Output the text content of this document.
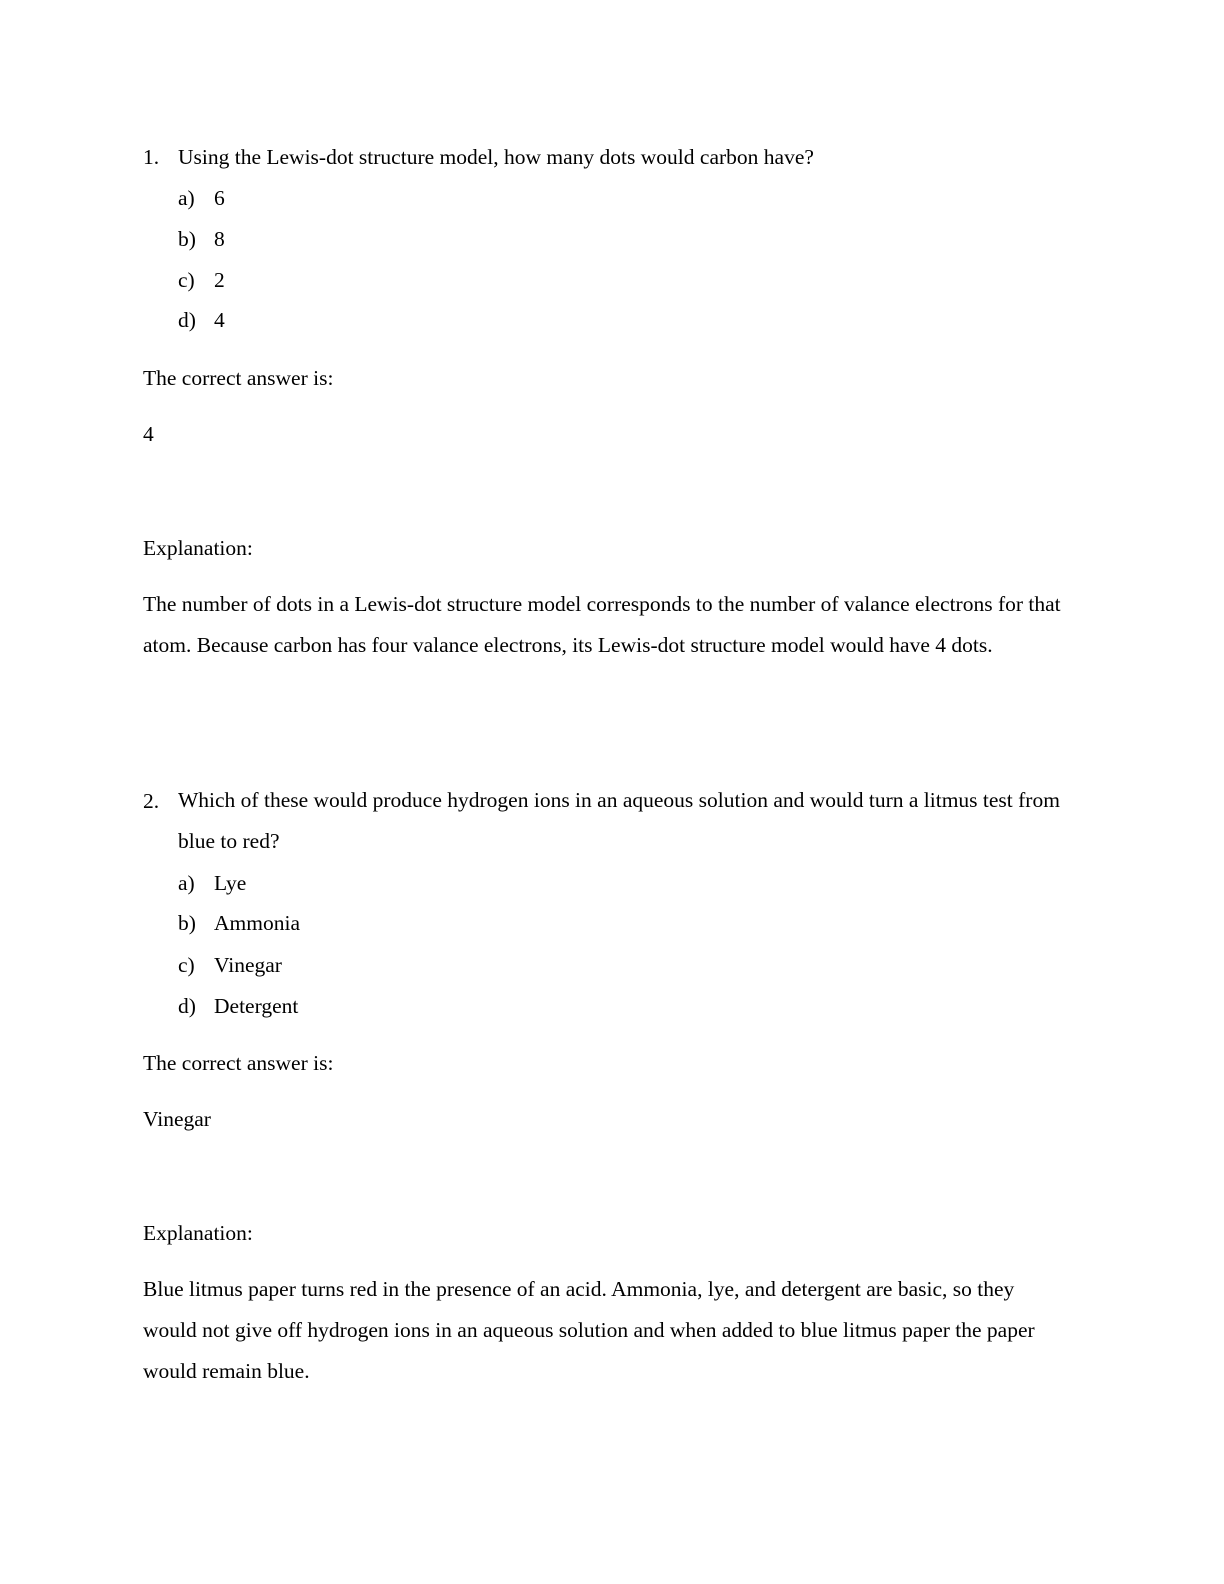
1. Using the Lewis-dot structure model, how many dots would carbon have?
a) 6
b) 8
c) 2
d) 4
The correct answer is:
4
Explanation:
The number of dots in a Lewis-dot structure model corresponds to the number of valance electrons for that atom. Because carbon has four valance electrons, its Lewis-dot structure model would have 4 dots.
2. Which of these would produce hydrogen ions in an aqueous solution and would turn a litmus test from blue to red?
a) Lye
b) Ammonia
c) Vinegar
d) Detergent
The correct answer is:
Vinegar
Explanation:
Blue litmus paper turns red in the presence of an acid. Ammonia, lye, and detergent are basic, so they would not give off hydrogen ions in an aqueous solution and when added to blue litmus paper the paper would remain blue.
